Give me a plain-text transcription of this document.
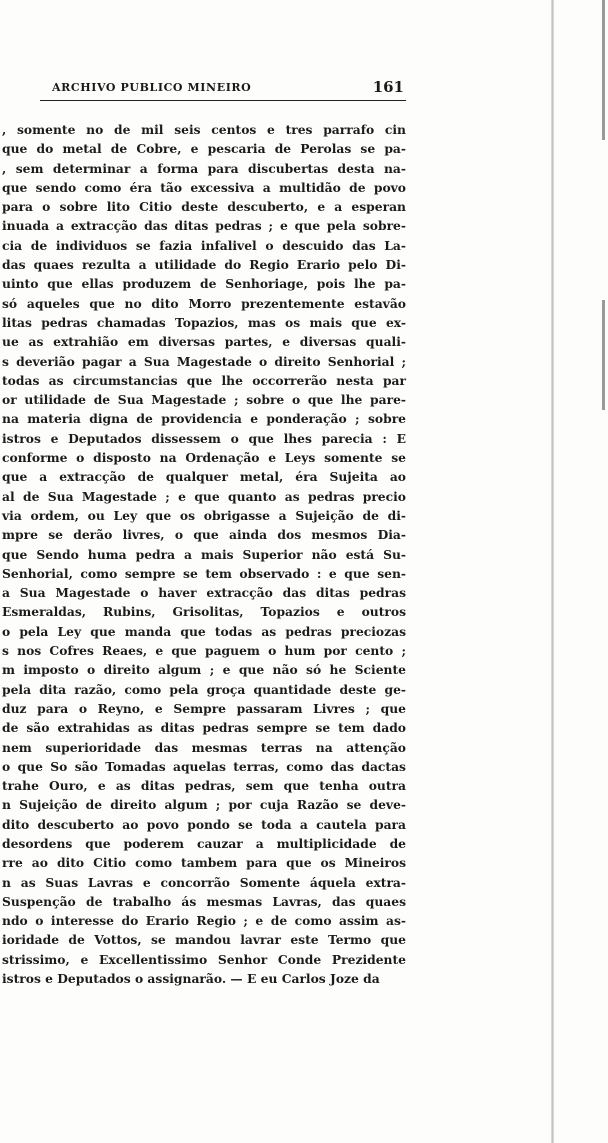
ARCHIVO PUBLICO MINEIRO	161
, somente no de mil seis centos e tres parrafo cin
que do metal de Cobre, e pescaria de Perolas se pa-
, sem determinar a forma para discubertas desta na-
que sendo como éra tão excessiva a multidão de povo
para o sobre lito Citio deste descuberto, e a esperan
inuada a extracção das ditas pedras ; e que pela sobre-
cia de individuos se fazia infalivel o descuido das La-
das quaes rezulta a utilidade do Regio Erario pelo Di-
uinto que ellas produzem de Senhoriage, pois lhe pa-
só aqueles que no dito Morro prezentemente estavão
litas pedras chamadas Topazios, mas os mais que ex-
ue as extrahião em diversas partes, e diversas quali-
s deverião pagar a Sua Magestade o direito Senhorial ;
todas as circumstancias que lhe occorrerão nesta par
or utilidade de Sua Magestade ; sobre o que lhe pare-
na materia digna de providencia e ponderação ; sobre
istros e Deputados dissessem o que lhes parecia : E
conforme o disposto na Ordenação e Leys somente se
que a extracção de qualquer metal, éra Sujeita ao
al de Sua Magestade ; e que quanto as pedras precio
via ordem, ou Ley que os obrigasse a Sujeição de di-
mpre se derão livres, o que ainda dos mesmos Dia-
que Sendo huma pedra a mais Superior não está Su-
Senhorial, como sempre se tem observado : e que sen-
a Sua Magestade o haver extracção das ditas pedras
Esmeraldas, Rubins, Grisolitas, Topazios e outros
o pela Ley que manda que todas as pedras preciozas
s nos Cofres Reaes, e que paguem o hum por cento ;
m imposto o direito algum ; e que não só he Sciente
pela dita razão, como pela groça quantidade deste ge-
duz para o Reyno, e Sempre passaram Livres ; que
de são extrahidas as ditas pedras sempre se tem dado
nem superioridade das mesmas terras na attenção
o que So são Tomadas aquelas terras, como das dactas
trahe Ouro, e as ditas pedras, sem que tenha outra
n Sujeição de direito algum ; por cuja Razão se deve-
dito descuberto ao povo pondo se toda a cautela para
desordens que poderem cauzar a multiplicidade de
rre ao dito Citio como tambem para que os Mineiros
n as Suas Lavras e concorrão Somente áquela extra-
Suspenção de trabalho ás mesmas Lavras, das quaes
ndo o interesse do Erario Regio ; e de como assim as-
ioridade de Vottos, se mandou lavrar este Termo que
strissimo, e Excellentissimo Senhor Conde Prezidente
istros e Deputados o assignarão. — E eu Carlos Joze da
